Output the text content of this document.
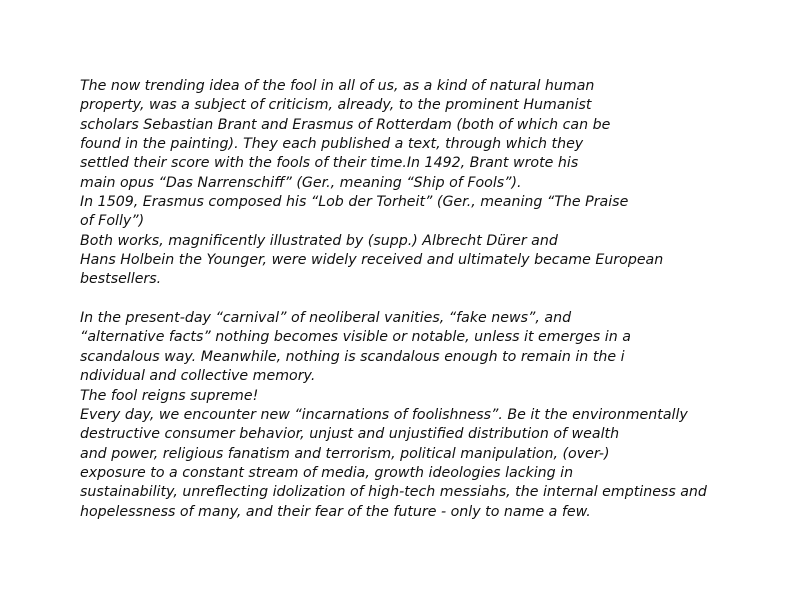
The now trending idea of the fool in all of us, as a kind of natural human
property, was a subject of criticism, already, to the prominent Humanist
scholars Sebastian Brant and Erasmus of Rotterdam (both of which can be
found in the painting). They each published a text, through which they
settled their score with the fools of their time.In 1492, Brant wrote his
main opus “Das Narrenschiff” (Ger., meaning “Ship of Fools”).
In 1509, Erasmus composed his “Lob der Torheit” (Ger., meaning “The Praise
of Folly”)
Both works, magnificently illustrated by (supp.) Albrecht Dürer and
Hans Holbein the Younger, were widely received and ultimately became European
bestsellers.
In the present-day “carnival” of neoliberal vanities, “fake news”, and
“alternative facts” nothing becomes visible or notable, unless it emerges in a
scandalous way. Meanwhile, nothing is scandalous enough to remain in the i
ndividual and collective memory.
The fool reigns supreme!
Every day, we encounter new “incarnations of foolishness”. Be it the environmentally
destructive consumer behavior, unjust and unjustified distribution of wealth
and power, religious fanatism and terrorism, political manipulation, (over-)
exposure to a constant stream of media, growth ideologies lacking in
sustainability, unreflecting idolization of high-tech messiahs, the internal emptiness and
hopelessness of many, and their fear of the future - only to name a few.
